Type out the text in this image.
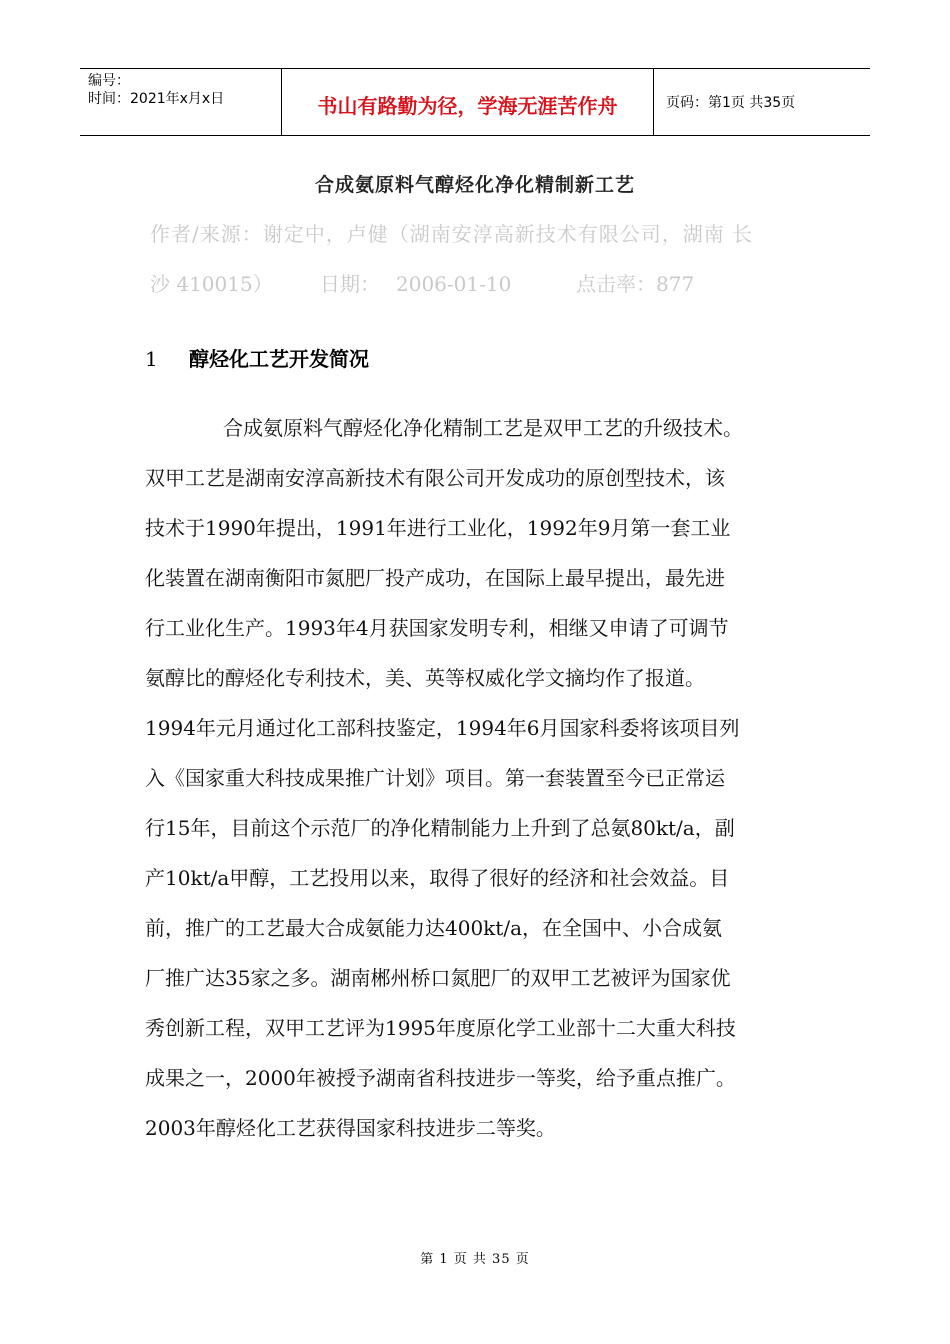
编号：
时间：2021年x月x日	书山有路勤为径，学海无涯苦作舟	页码：第1页 共35页
合成氨原料气醇烃化净化精制新工艺
作者/来源：谢定中，卢健（湖南安淳高新技术有限公司，湖南 长
沙 410015） 日期： 2006-01-10	点击率：877
1 醇烃化工艺开发简况
合成氨原料气醇烃化净化精制工艺是双甲工艺的升级技术。
双甲工艺是湖南安淳高新技术有限公司开发成功的原创型技术，该
技术于1990年提出，1991年进行工业化，1992年9月第一套工业
化装置在湖南衡阳市氮肥厂投产成功，在国际上最早提出，最先进
行工业化生产。1993年4月获国家发明专利，相继又申请了可调节
氨醇比的醇烃化专利技术，美、英等权威化学文摘均作了报道。
1994年元月通过化工部科技鉴定，1994年6月国家科委将该项目列
入《国家重大科技成果推广计划》项目。第一套装置至今已正常运
行15年，目前这个示范厂的净化精制能力上升到了总氨80kt/a，副
产10kt/a甲醇，工艺投用以来，取得了很好的经济和社会效益。目
前，推广的工艺最大合成氨能力达400kt/a，在全国中、小合成氨
厂推广达35家之多。湖南郴州桥口氮肥厂的双甲工艺被评为国家优
秀创新工程，双甲工艺评为1995年度原化学工业部十二大重大科技
成果之一，2000年被授予湖南省科技进步一等奖，给予重点推广。
2003年醇烃化工艺获得国家科技进步二等奖。
第 1 页 共 35 页
